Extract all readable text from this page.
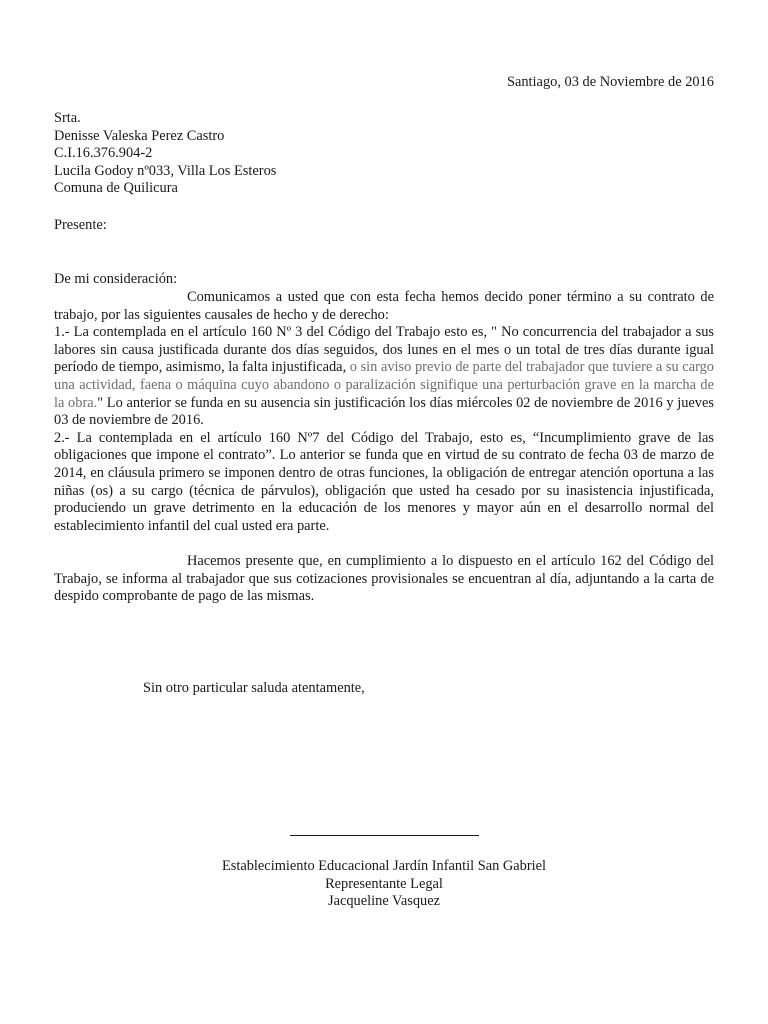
Santiago, 03 de Noviembre de 2016
Srta.
Denisse Valeska Perez Castro
C.I.16.376.904-2
Lucila Godoy nº033, Villa Los Esteros
Comuna de Quilicura
Presente:
De mi consideración:

Comunicamos a usted que con esta fecha hemos decido poner término a su contrato de trabajo, por las siguientes causales de hecho y de derecho:

1.- La contemplada en el artículo 160 Nº 3 del Código del Trabajo esto es, " No concurrencia del trabajador a sus labores sin causa justificada durante dos días seguidos, dos lunes en el mes o un total de tres días durante igual período de tiempo, asimismo, la falta injustificada, o sin aviso previo de parte del trabajador que tuviere a su cargo una actividad, faena o máquina cuyo abandono o paralización signifique una perturbación grave en la marcha de la obra." Lo anterior se funda en su ausencia sin justificación los días miércoles 02 de noviembre de 2016 y jueves 03 de noviembre de 2016.

2.- La contemplada en el artículo 160 Nº7 del Código del Trabajo, esto es, “Incumplimiento grave de las obligaciones que impone el contrato”. Lo anterior se funda que en virtud de su contrato de fecha 03 de marzo de 2014, en cláusula primero se imponen dentro de otras funciones, la obligación de entregar atención oportuna a las niñas (os) a su cargo (técnica de párvulos), obligación que usted ha cesado por su inasistencia injustificada, produciendo un grave detrimento en la educación de los menores y mayor aún en el desarrollo normal del establecimiento infantil del cual usted era parte.

Hacemos presente que, en cumplimiento a lo dispuesto en el artículo 162 del Código del Trabajo, se informa al trabajador que sus cotizaciones provisionales se encuentran al día, adjuntando a la carta de despido comprobante de pago de las mismas.

Sin otro particular saluda atentamente,
Establecimiento Educacional Jardín Infantil San Gabriel
Representante Legal
Jacqueline Vasquez
